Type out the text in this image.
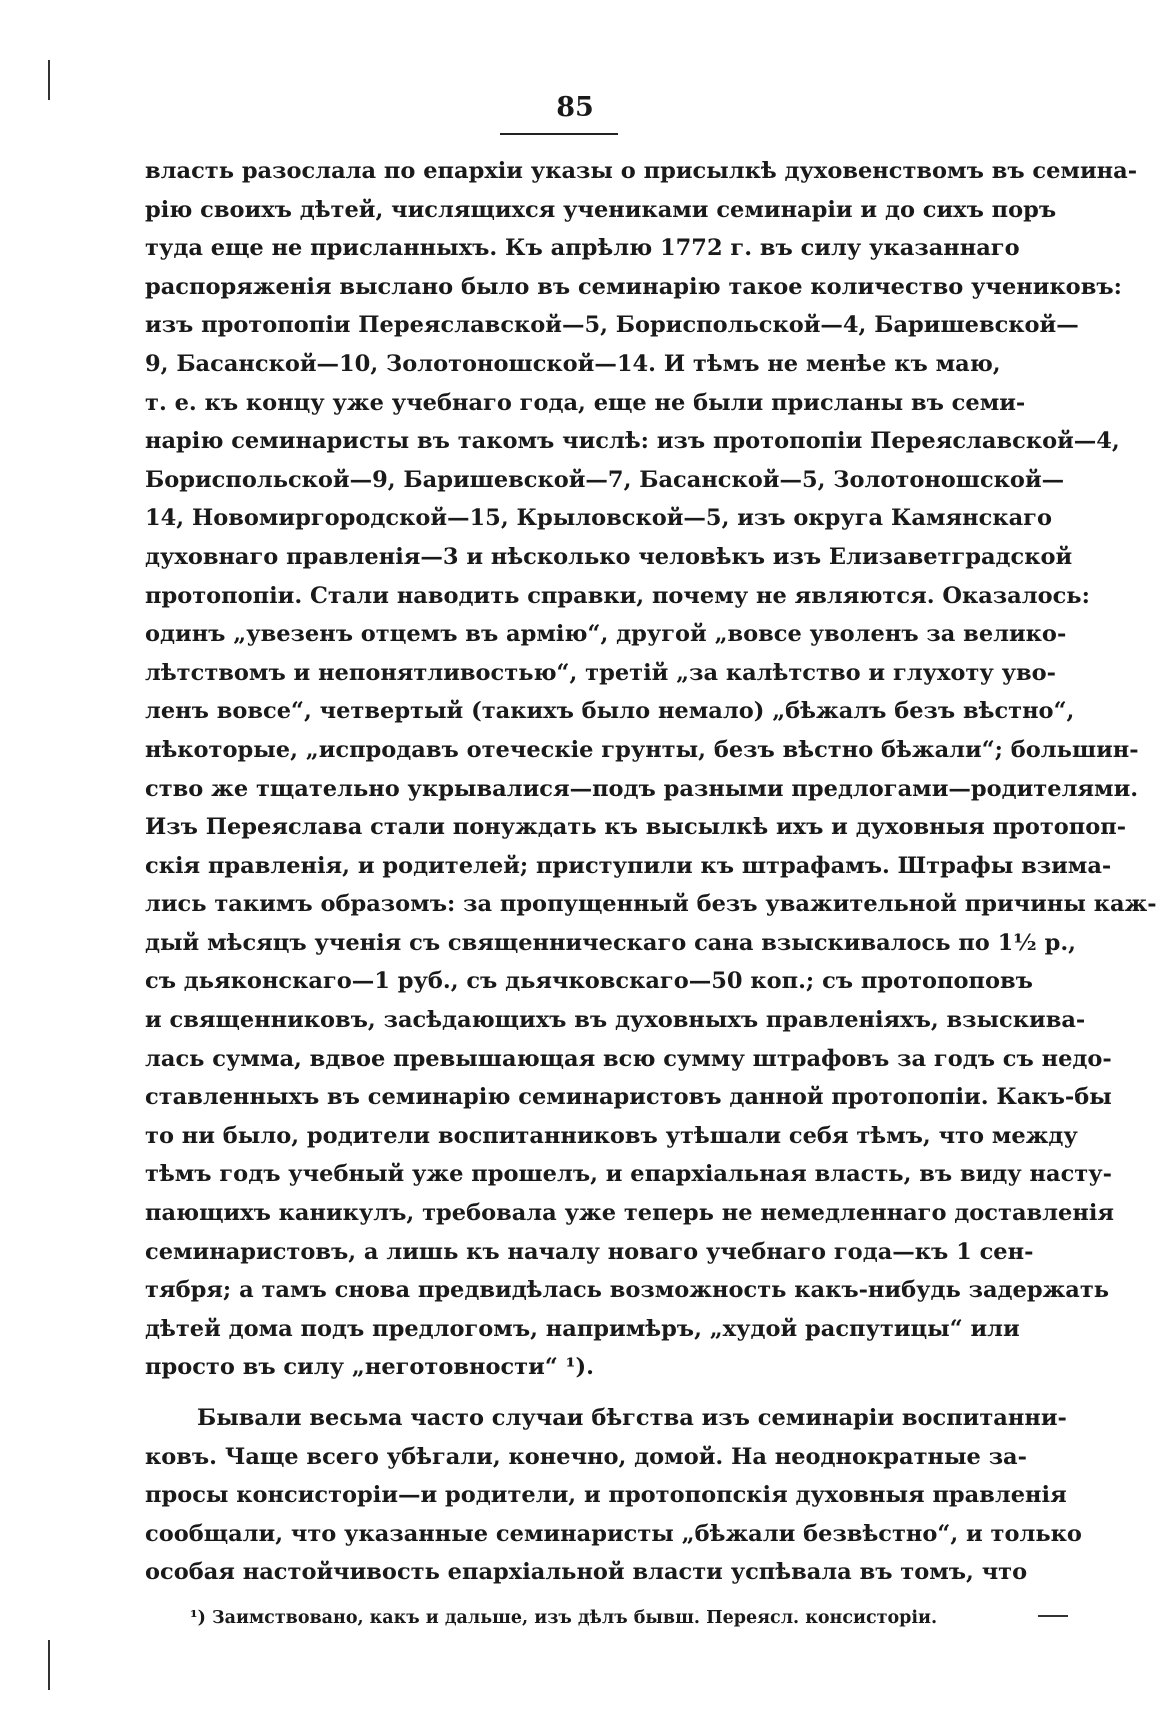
85
власть разослала по епархіи указы о присылкѣ духовенствомъ въ семина-
рію своихъ дѣтей, числящихся учениками семинаріи и до сихъ поръ
туда еще не присланныхъ. Къ апрѣлю 1772 г. въ силу указаннаго
распоряженія выслано было въ семинарію такое количество учениковъ:
изъ протопопіи Переяславской—5, Бориспольской—4, Баришевской—
9, Басанской—10, Золотоношской—14. И тѣмъ не менѣе къ маю,
т. е. къ концу уже учебнаго года, еще не были присланы въ семи-
нарію семинаристы въ такомъ числѣ: изъ протопопіи Переяславской—4,
Бориспольской—9, Баришевской—7, Басанской—5, Золотоношской—
14, Новомиргородской—15, Крыловской—5, изъ округа Камянскаго
духовнаго правленія—3 и нѣсколько человѣкъ изъ Елизаветградской
протопопіи. Стали наводить справки, почему не являются. Оказалось:
одинъ „увезенъ отцемъ въ армію“, другой „вовсе уволенъ за велико-
лѣтствомъ и непонятливостью“, третій „за калѣтство и глухоту уво-
ленъ вовсе“, четвертый (такихъ было немало) „бѣжалъ безъ вѣстно“,
нѣкоторые, „испродавъ отеческіе грунты, безъ вѣстно бѣжали“; большин-
ство же тщательно укрывалися—подъ разными предлогами—родителями.
Изъ Переяслава стали понуждать къ высылкѣ ихъ и духовныя протопоп-
скія правленія, и родителей; приступили къ штрафамъ. Штрафы взима-
лись такимъ образомъ: за пропущенный безъ уважительной причины каж-
дый мѣсяцъ ученія съ священническаго сана взыскивалось по 1½ р.,
съ дьяконскаго—1 руб., съ дьячковскаго—50 коп.; съ протопоповъ
и священниковъ, засѣдающихъ въ духовныхъ правленіяхъ, взыскива-
лась сумма, вдвое превышающая всю сумму штрафовъ за годъ съ недо-
ставленныхъ въ семинарію семинаристовъ данной протопопіи. Какъ-бы
то ни было, родители воспитанниковъ утѣшали себя тѣмъ, что между
тѣмъ годъ учебный уже прошелъ, и епархіальная власть, въ виду насту-
пающихъ каникулъ, требовала уже теперь не немедленнаго доставленія
семинаристовъ, а лишь къ началу новаго учебнаго года—къ 1 сен-
тября; а тамъ снова предвидѣлась возможность какъ-нибудь задержать
дѣтей дома подъ предлогомъ, напримѣръ, „худой распутицы“ или
просто въ силу „неготовности“ ¹).
Бывали весьма часто случаи бѣгства изъ семинаріи воспитанни-
ковъ. Чаще всего убѣгали, конечно, домой. На неоднократные за-
просы консисторіи—и родители, и протопопскія духовныя правленія
сообщали, что указанные семинаристы „бѣжали безвѣстно“, и только
особая настойчивость епархіальной власти успѣвала въ томъ, что
¹) Заимствовано, какъ и дальше, изъ дѣлъ бывш. Переясл. консисторіи.
